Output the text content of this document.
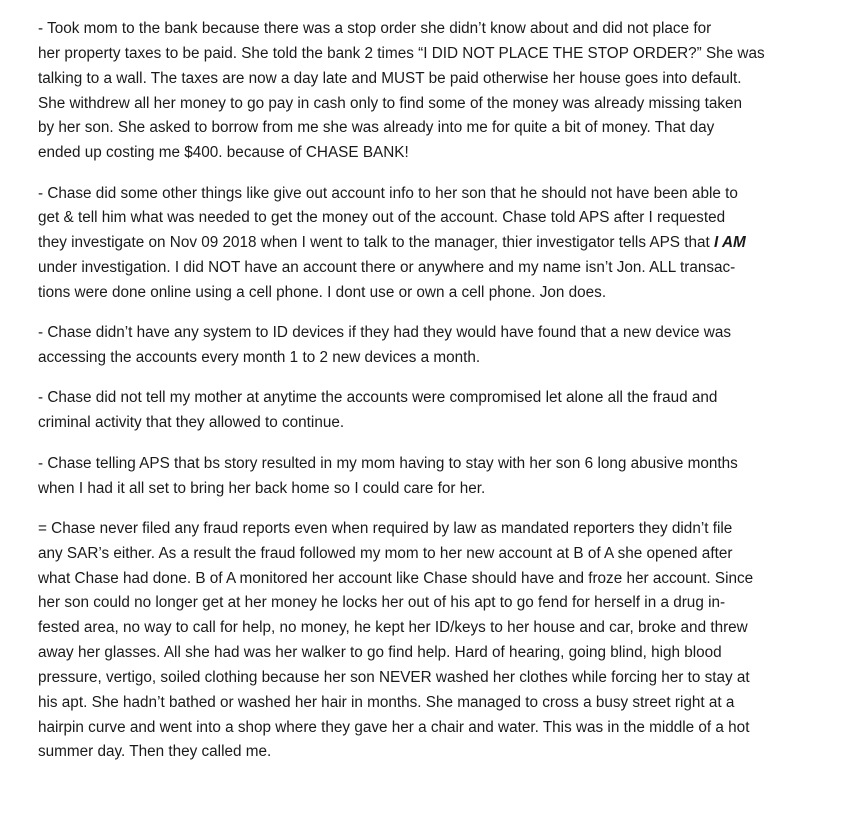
- Took mom to the bank because there was a stop order she didn’t know about and did not place for
her property taxes to be paid. She told the bank 2 times “I DID NOT PLACE THE STOP ORDER?” She was
talking to a wall. The taxes are now a day late and MUST be paid otherwise her house goes into default.
She withdrew all her money to go pay in cash only to find some of the money was already missing taken
by her son. She asked to borrow from me she was already into me for quite a bit of money. That day
ended up costing me $400. because of CHASE BANK!

- Chase did some other things like give out account info to her son that he should not have been able to
get & tell him what was needed to get the money out of the account. Chase told APS after I requested
they investigate on Nov 09 2018 when I went to talk to the manager, thier investigator tells APS that I AM
under investigation. I did NOT have an account there or anywhere and my name isn’t Jon. ALL transac-
tions were done online using a cell phone. I dont use or own a cell phone. Jon does.

- Chase didn’t have any system to ID devices if they had they would have found that a new device was
accessing the accounts every month 1 to 2 new devices a month.

- Chase did not tell my mother at anytime the accounts were compromised let alone all the fraud and
criminal activity that they allowed to continue.

- Chase telling APS that bs story resulted in my mom having to stay with her son 6 long abusive months
when I had it all set to bring her back home so I could care for her.

= Chase never filed any fraud reports even when required by law as mandated reporters they didn’t file
any SAR’s either. As a result the fraud followed my mom to her new account at B of A she opened after
what Chase had done. B of A monitored her account like Chase should have and froze her account. Since
her son could no longer get at her money he locks her out of his apt to go fend for herself in a drug in-
fested area, no way to call for help, no money, he kept her ID/keys to her house and car, broke and threw
away her glasses. All she had was her walker to go find help. Hard of hearing, going blind, high blood
pressure, vertigo, soiled clothing because her son NEVER washed her clothes while forcing her to stay at
his apt. She hadn’t bathed or washed her hair in months. She managed to cross a busy street right at a
hairpin curve and went into a shop where they gave her a chair and water. This was in the middle of a hot
summer day. Then they called me.
